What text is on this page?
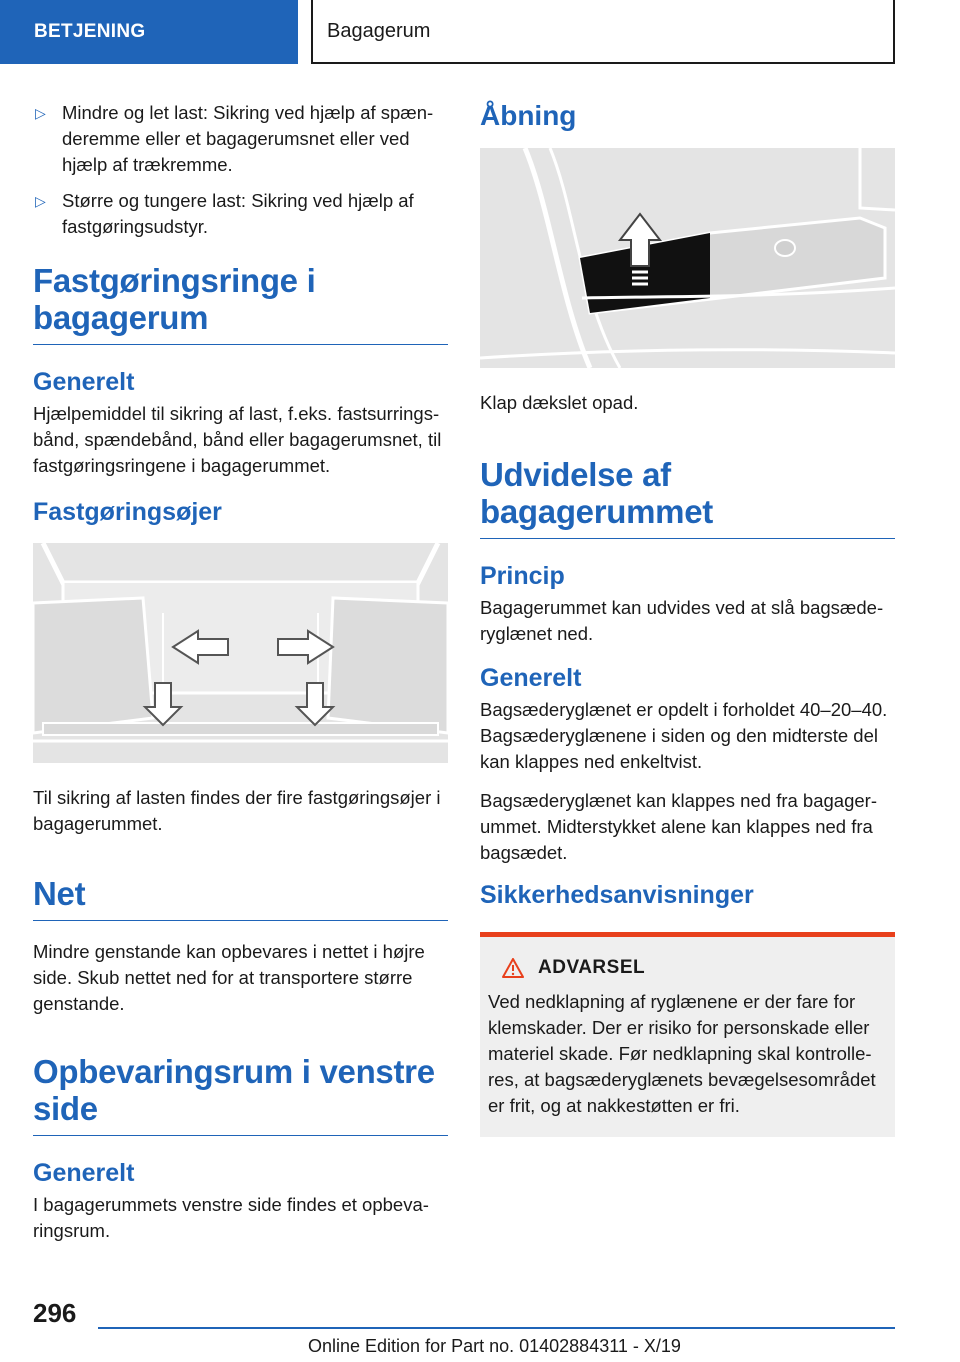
BETJENING	Bagagerum
▷ Mindre og let last: Sikring ved hjælp af spænderemme eller et bagagerumsnet eller ved hjælp af trækremme.
▷ Større og tungere last: Sikring ved hjælp af fastgøringsudstyr.
Fastgøringsringe i bagagerum
Generelt

Hjælpemiddel til sikring af last, f.eks. fastsurringsbånd, spændebånd, bånd eller bagagerumsnet, til fastgøringsringene i bagagerummet.

Fastgøringsøjer

Til sikring af lasten findes der fire fastgøringsøjer i bagagerummet.

Net

Mindre genstande kan opbevares i nettet i højre side. Skub nettet ned for at transportere større genstande.

Opbevaringsrum i venstre side
Generelt

I bagagerummets venstre side findes et opbevaringsrum.

Åbning

Klap dækslet opad.

Udvidelse af bagagerummet
Princip

Bagagerummet kan udvides ved at slå bagsæderyglænet ned.

Generelt

Bagsæderyglænet er opdelt i forholdet 40–20–40. Bagsæderyglænene i siden og den midterste del kan klappes ned enkeltvist.

Bagsæderyglænet kan klappes ned fra bagagerummet. Midterstykket alene kan klappes ned fra bagsædet.

Sikkerhedsanvisninger
ADVARSEL

Ved nedklapning af ryglænene er der fare for klemskader. Der er risiko for personskade eller materiel skade. Før nedklapning skal kontrolleres, at bagsæderyglænets bevægelsesområdet er frit, og at nakkestøtten er fri.

296
Online Edition for Part no. 01402884311 - X/19
